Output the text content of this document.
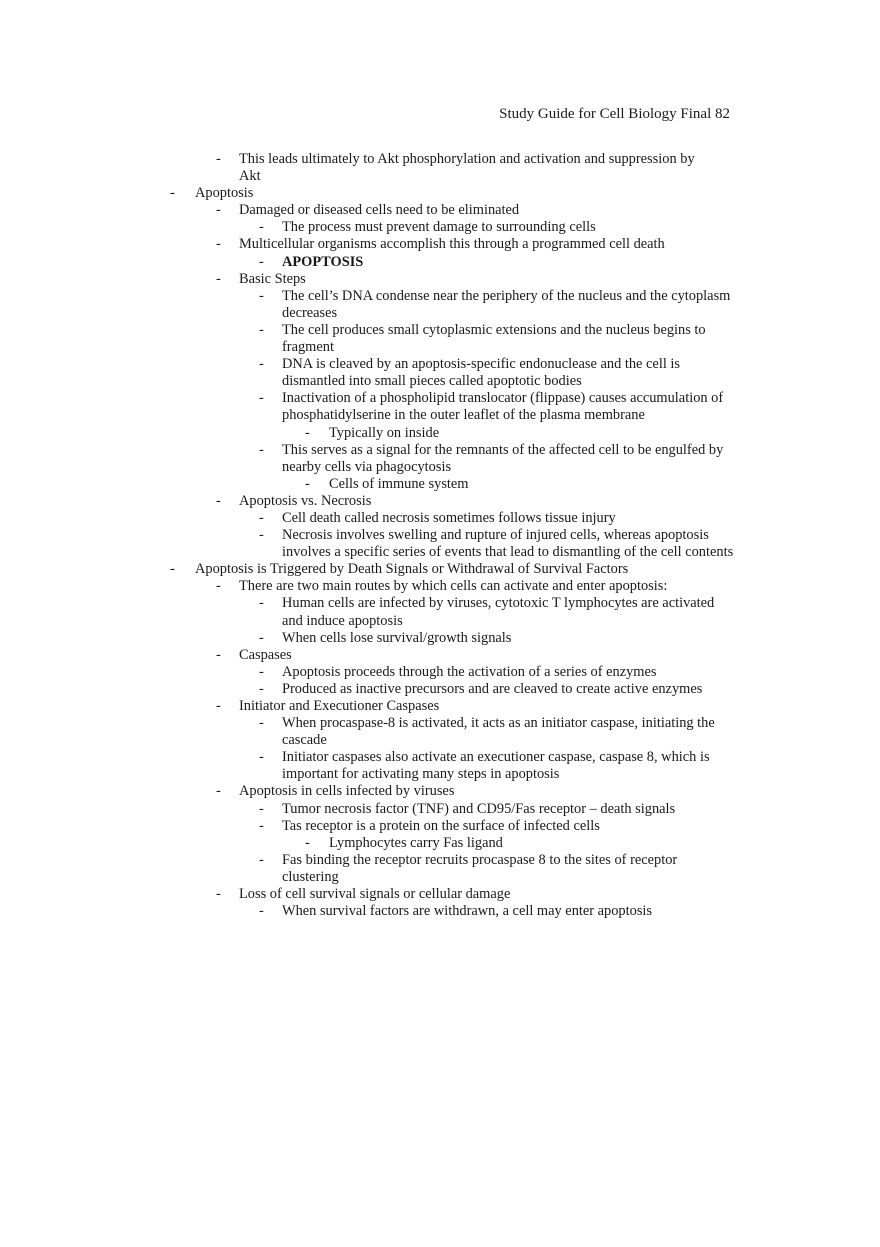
Study Guide for Cell Biology Final 82
- This leads ultimately to Akt phosphorylation and activation and suppression by Akt
- Apoptosis
- Damaged or diseased cells need to be eliminated
- The process must prevent damage to surrounding cells
- Multicellular organisms accomplish this through a programmed cell death
- APOPTOSIS
- Basic Steps
- The cell’s DNA condense near the periphery of the nucleus and the cytoplasm decreases
- The cell produces small cytoplasmic extensions and the nucleus begins to fragment
- DNA is cleaved by an apoptosis-specific endonuclease and the cell is dismantled into small pieces called apoptotic bodies
- Inactivation of a phospholipid translocator (flippase) causes accumulation of phosphatidylserine in the outer leaflet of the plasma membrane
- Typically on inside
- This serves as a signal for the remnants of the affected cell to be engulfed by nearby cells via phagocytosis
- Cells of immune system
- Apoptosis vs. Necrosis
- Cell death called necrosis sometimes follows tissue injury
- Necrosis involves swelling and rupture of injured cells, whereas apoptosis involves a specific series of events that lead to dismantling of the cell contents
- Apoptosis is Triggered by Death Signals or Withdrawal of Survival Factors
- There are two main routes by which cells can activate and enter apoptosis:
- Human cells are infected by viruses, cytotoxic T lymphocytes are activated and induce apoptosis
- When cells lose survival/growth signals
- Caspases
- Apoptosis proceeds through the activation of a series of enzymes
- Produced as inactive precursors and are cleaved to create active enzymes
- Initiator and Executioner Caspases
- When procaspase-8 is activated, it acts as an initiator caspase, initiating the cascade
- Initiator caspases also activate an executioner caspase, caspase 8, which is important for activating many steps in apoptosis
- Apoptosis in cells infected by viruses
- Tumor necrosis factor (TNF) and CD95/Fas receptor – death signals
- Tas receptor is a protein on the surface of infected cells
- Lymphocytes carry Fas ligand
- Fas binding the receptor recruits procaspase 8 to the sites of receptor clustering
- Loss of cell survival signals or cellular damage
- When survival factors are withdrawn, a cell may enter apoptosis
